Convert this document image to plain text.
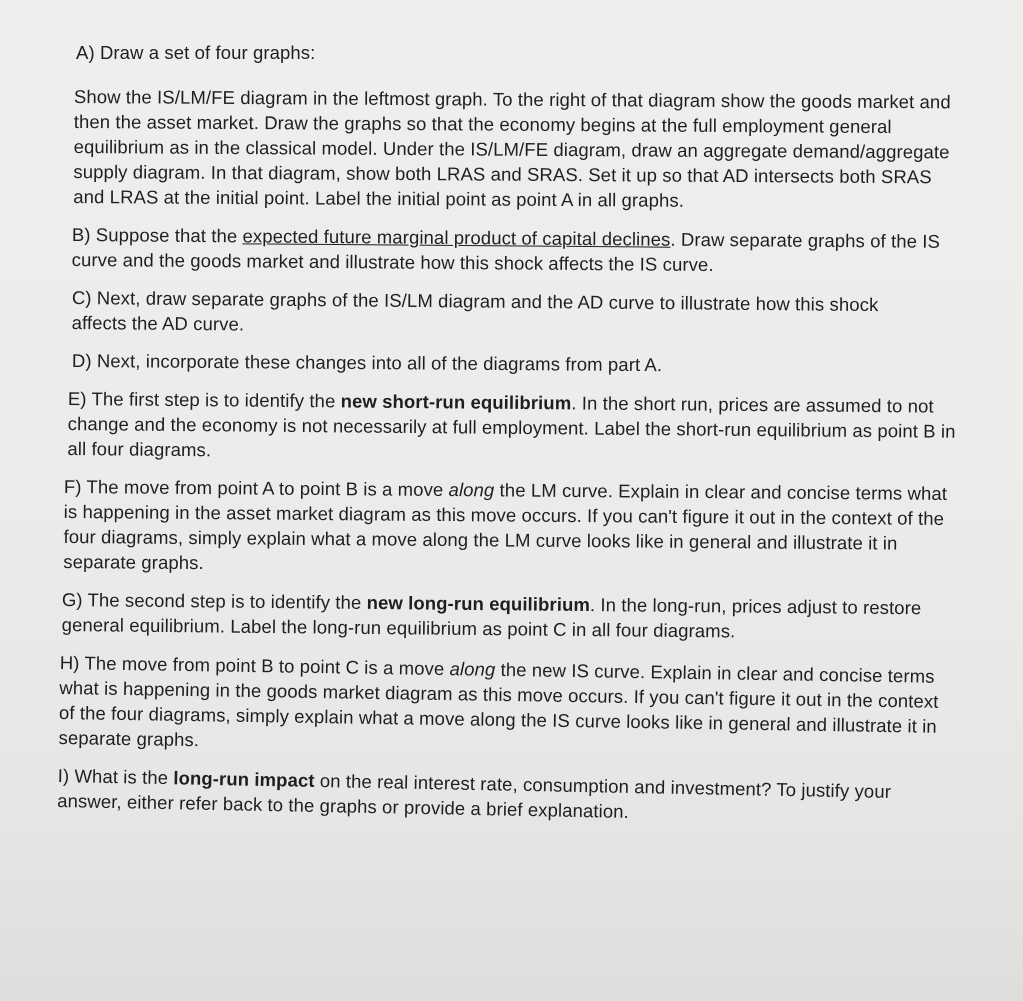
A) Draw a set of four graphs:

Show the IS/LM/FE diagram in the leftmost graph. To the right of that diagram show the goods market and then the asset market. Draw the graphs so that the economy begins at the full employment general equilibrium as in the classical model. Under the IS/LM/FE diagram, draw an aggregate demand/aggregate supply diagram. In that diagram, show both LRAS and SRAS. Set it up so that AD intersects both SRAS and LRAS at the initial point. Label the initial point as point A in all graphs.

B) Suppose that the expected future marginal product of capital declines. Draw separate graphs of the IS curve and the goods market and illustrate how this shock affects the IS curve.

C) Next, draw separate graphs of the IS/LM diagram and the AD curve to illustrate how this shock affects the AD curve.

D) Next, incorporate these changes into all of the diagrams from part A.

E) The first step is to identify the new short-run equilibrium. In the short run, prices are assumed to not change and the economy is not necessarily at full employment. Label the short-run equilibrium as point B in all four diagrams.

F) The move from point A to point B is a move along the LM curve. Explain in clear and concise terms what is happening in the asset market diagram as this move occurs. If you can't figure it out in the context of the four diagrams, simply explain what a move along the LM curve looks like in general and illustrate it in separate graphs.

G) The second step is to identify the new long-run equilibrium. In the long-run, prices adjust to restore general equilibrium. Label the long-run equilibrium as point C in all four diagrams.

H) The move from point B to point C is a move along the new IS curve. Explain in clear and concise terms what is happening in the goods market diagram as this move occurs. If you can't figure it out in the context of the four diagrams, simply explain what a move along the IS curve looks like in general and illustrate it in separate graphs.

I) What is the long-run impact on the real interest rate, consumption and investment? To justify your answer, either refer back to the graphs or provide a brief explanation.
